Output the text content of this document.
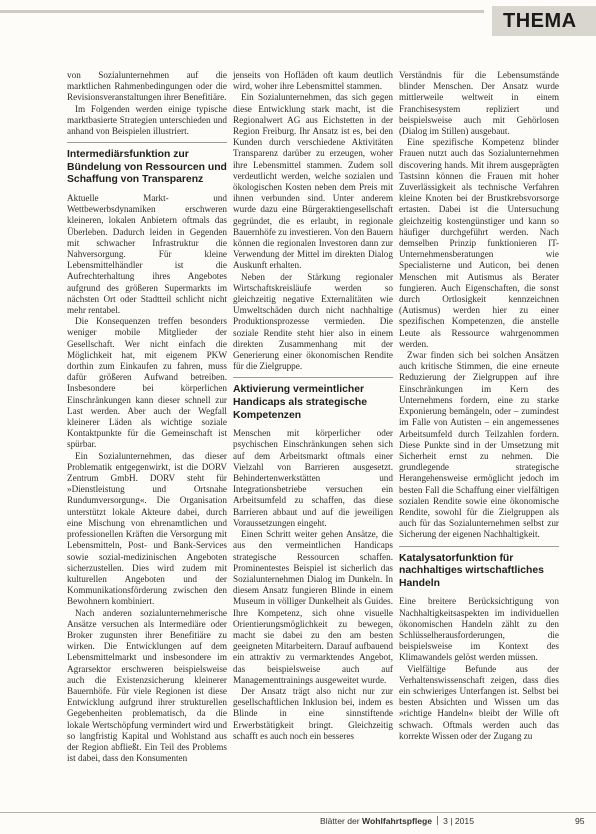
THEMA

von Sozialunternehmen auf die marktlichen Rahmenbedingungen oder die Revisionsveranstaltungen ihrer Benefitiäre.

Im Folgenden werden einige typische marktbasierte Strategien unterschieden und anhand von Beispielen illustriert.

Intermediärsfunktion zur Bündelung von Ressourcen und Schaffung von Transparenz

Aktuelle Markt- und Wettbewerbsdynamiken erschweren kleineren, lokalen Anbietern oftmals das Überleben. Dadurch leiden in Gegenden mit schwacher Infrastruktur die Nahversorgung. Für kleine Lebensmittelhändler ist die Aufrechterhaltung ihres Angebotes aufgrund des größeren Supermarkts im nächsten Ort oder Stadtteil schlicht nicht mehr rentabel.

Die Konsequenzen treffen besonders weniger mobile Mitglieder der Gesellschaft. Wer nicht einfach die Möglichkeit hat, mit eigenem PKW dorthin zum Einkaufen zu fahren, muss dafür größeren Aufwand betreiben. Insbesondere bei körperlichen Einschränkungen kann dieser schnell zur Last werden. Aber auch der Wegfall kleinerer Läden als wichtige soziale Kontaktpunkte für die Gemeinschaft ist spürbar.

Ein Sozialunternehmen, das dieser Problematik entgegenwirkt, ist die DORV Zentrum GmbH. DORV steht für »Dienstleistung und Ortsnahe Rundumversorgung«. Die Organisation unterstützt lokale Akteure dabei, durch eine Mischung von ehrenamtlichen und professionellen Kräften die Versorgung mit Lebensmitteln, Post- und Bank-Services sowie sozial-medizinischen Angeboten sicherzustellen. Dies wird zudem mit kulturellen Angeboten und der Kommunikationsförderung zwischen den Bewohnern kombiniert.

Nach anderen sozialunternehmerische Ansätze versuchen als Intermediäre oder Broker zugunsten ihrer Benefitiäre zu wirken. Die Entwicklungen auf dem Lebensmittelmarkt und insbesondere im Agrarsektor erschweren beispielsweise auch die Existenzsicherung kleinerer Bauernhöfe. Für viele Regionen ist diese Entwicklung aufgrund ihrer strukturellen Gegebenheiten problematisch, da die lokale Wertschöpfung vermindert wird und so langfristig Kapital und Wohlstand aus der Region abfließt. Ein Teil des Problems ist dabei, dass den Konsumenten

jenseits von Hofläden oft kaum deutlich wird, woher ihre Lebensmittel stammen.

Ein Sozialunternehmen, das sich gegen diese Entwicklung stark macht, ist die Regionalwert AG aus Eichstetten in der Region Freiburg. Ihr Ansatz ist es, bei den Kunden durch verschiedene Aktivitäten Transparenz darüber zu erzeugen, woher ihre Lebensmittel stammen. Zudem soll verdeutlicht werden, welche sozialen und ökologischen Kosten neben dem Preis mit ihnen verbunden sind. Unter anderem wurde dazu eine Bürgeraktiengesellschaft gegründet, die es erlaubt, in regionale Bauernhöfe zu investieren. Von den Bauern können die regionalen Investoren dann zur Verwendung der Mittel im direkten Dialog Auskunft erhalten.

Neben der Stärkung regionaler Wirtschaftskreisläufe werden so gleichzeitig negative Externalitäten wie Umweltschäden durch nicht nachhaltige Produktionsprozesse vermieden. Die soziale Rendite steht hier also in einem direkten Zusammenhang mit der Generierung einer ökonomischen Rendite für die Zielgruppe.

Aktivierung vermeintlicher Handicaps als strategische Kompetenzen

Menschen mit körperlicher oder psychischen Einschränkungen sehen sich auf dem Arbeitsmarkt oftmals einer Vielzahl von Barrieren ausgesetzt. Behindertenwerkstätten und Integrationsbetriebe versuchen ein Arbeitsumfeld zu schaffen, das diese Barrieren abbaut und auf die jeweiligen Voraussetzungen eingeht.

Einen Schritt weiter gehen Ansätze, die aus den vermeintlichen Handicaps strategische Ressourcen schaffen. Prominentestes Beispiel ist sicherlich das Sozialunternehmen Dialog im Dunkeln. In diesem Ansatz fungieren Blinde in einem Museum in völliger Dunkelheit als Guides. Ihre Kompetenz, sich ohne visuelle Orientierungsmöglichkeit zu bewegen, macht sie dabei zu den am besten geeigneten Mitarbeitern. Darauf aufbauend ein attraktiv zu vermarktendes Angebot, das beispielsweise auch auf Managementtrainings ausgeweitet wurde.

Der Ansatz trägt also nicht nur zur gesellschaftlichen Inklusion bei, indem es Blinde in eine sinnstiftende Erwerbstätigkeit bringt. Gleichzeitig schafft es auch noch ein besseres

Verständnis für die Lebensumstände blinder Menschen. Der Ansatz wurde mittlerweile weltweit in einem Franchisesystem repliziert und beispielsweise auch mit Gehörlosen (Dialog im Stillen) ausgebaut.

Eine spezifische Kompetenz blinder Frauen nutzt auch das Sozialunternehmen discovering hands. Mit ihrem ausgeprägten Tastsinn können die Frauen mit hoher Zuverlässigkeit als technische Verfahren kleine Knoten bei der Brustkrebsvorsorge ertasten. Dabei ist die Untersuchung gleichzeitig kostengünstiger und kann so häufiger durchgeführt werden. Nach demselben Prinzip funktionieren IT-Unternehmensberatungen wie Specialisterne und Auticon, bei denen Menschen mit Autismus als Berater fungieren. Auch Eigenschaften, die sonst durch Ortlosigkeit kennzeichnen (Autismus) werden hier zu einer spezifischen Kompetenzen, die anstelle Leute als Ressource wahrgenommen werden.

Zwar finden sich bei solchen Ansätzen auch kritische Stimmen, die eine erneute Reduzierung der Zielgruppen auf ihre Einschränkungen im Kern des Unternehmens fordern, eine zu starke Exponierung bemängeln, oder – zumindest im Falle von Autisten – ein angemessenes Arbeitsumfeld durch Teilzahlen fordern. Diese Punkte sind in der Umsetzung mit Sicherheit ernst zu nehmen. Die grundlegende strategische Herangehensweise ermöglicht jedoch im besten Fall die Schaffung einer vielfältigen sozialen Rendite sowie eine ökonomische Rendite, sowohl für die Zielgruppen als auch für das Sozialunternehmen selbst zur Sicherung der eigenen Nachhaltigkeit.

Katalysatorfunktion für nachhaltiges wirtschaftliches Handeln

Eine breitere Berücksichtigung von Nachhaltigkeitsaspekten im individuellen ökonomischen Handeln zählt zu den Schlüsselherausforderungen, die beispielsweise im Kontext des Klimawandels gelöst werden müssen.

Vielfältige Befunde aus der Verhaltenswissenschaft zeigen, dass dies ein schwieriges Unterfangen ist. Selbst bei besten Absichten und Wissen um das »richtige Handeln« bleibt der Wille oft schwach. Oftmals werden auch das korrekte Wissen oder der Zugang zu

Blätter der Wohlfahrtspflege 3 | 2015	95
